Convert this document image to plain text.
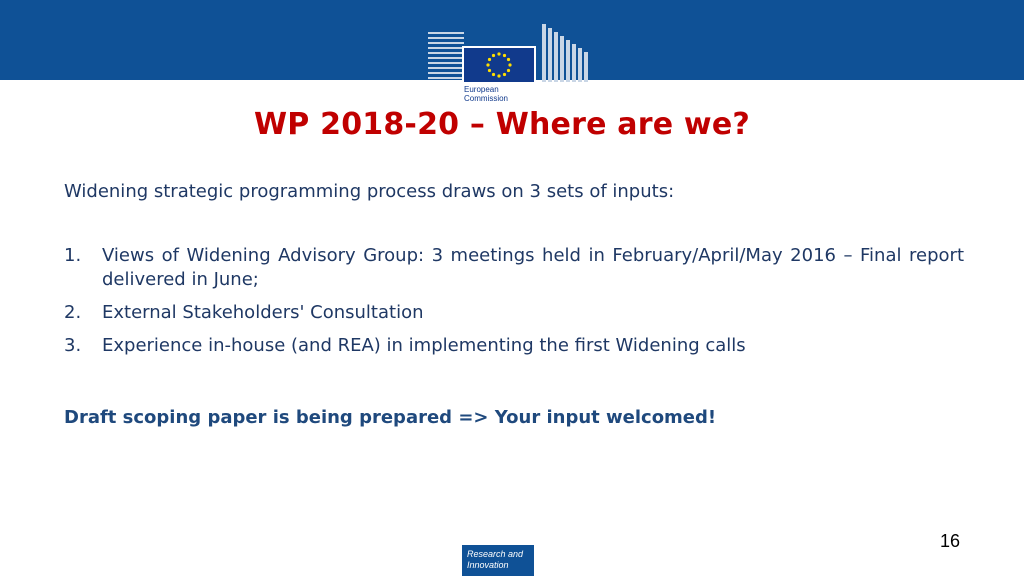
European
Commission
WP 2018-20 – Where are we?

Widening strategic programming process draws on 3 sets of inputs:

1.	Views of Widening Advisory Group: 3 meetings held in February/April/May 2016 – Final report delivered in June;
2.	External Stakeholders' Consultation
3.	Experience in-house (and REA) in implementing the first Widening calls

Draft scoping paper is being prepared => Your input welcomed!

16
Research and
Innovation
